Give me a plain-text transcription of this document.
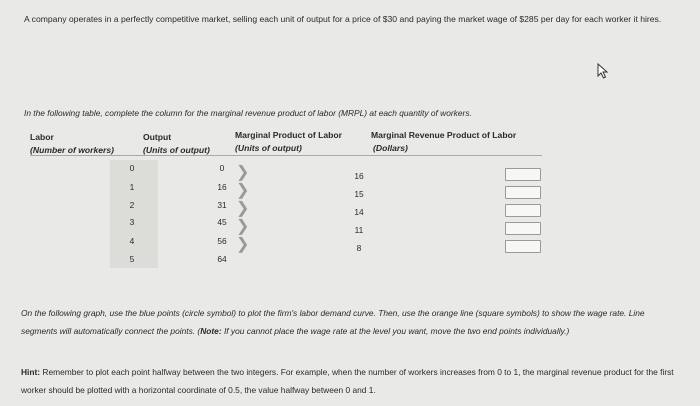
A company operates in a perfectly competitive market, selling each unit of output for a price of $30 and paying the market wage of $285 per day for each worker it hires.
In the following table, complete the column for the marginal revenue product of labor (MRPL) at each quantity of workers.
Labor
(Number of workers)
Output
(Units of output)
Marginal Product of Labor
(Units of output)
Marginal Revenue Product of Labor
(Dollars)
0
1
2
3
4
5
0
16
31
45
56
64
❯
❯
❯
❯
❯
16
15
14
11
8
On the following graph, use the blue points (circle symbol) to plot the firm's labor demand curve. Then, use the orange line (square symbols) to show the wage rate. Line segments will automatically connect the points. (Note: If you cannot place the wage rate at the level you want, move the two end points individually.)
Hint: Remember to plot each point halfway between the two integers. For example, when the number of workers increases from 0 to 1, the marginal revenue product for the first worker should be plotted with a horizontal coordinate of 0.5, the value halfway between 0 and 1.
